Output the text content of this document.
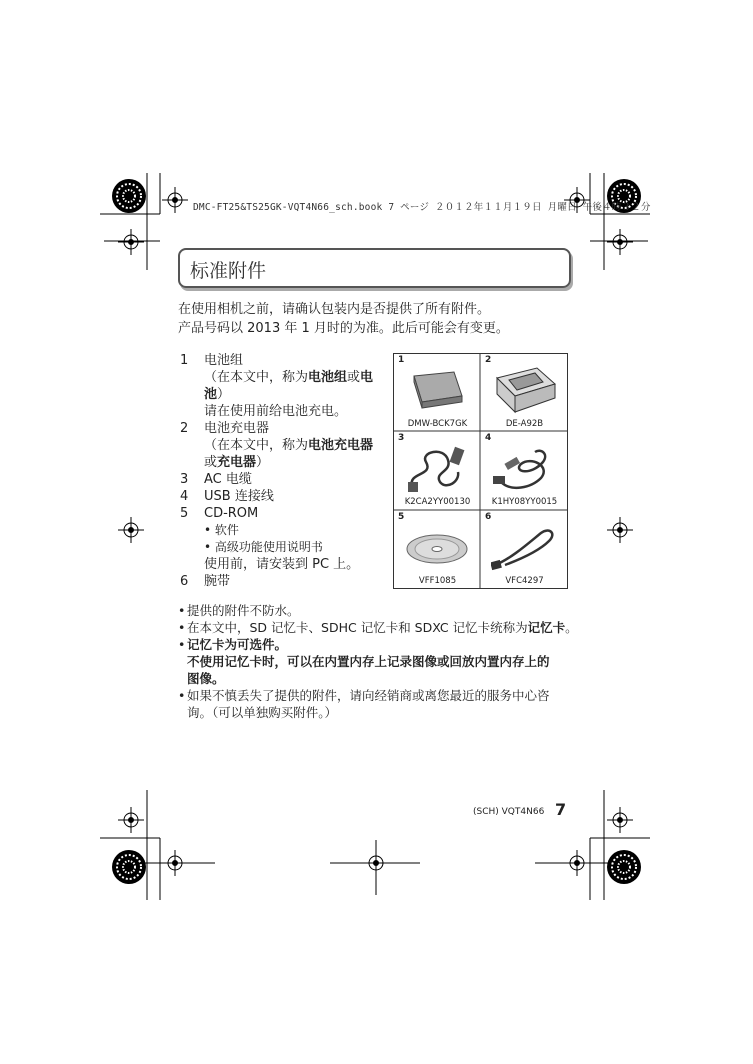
DMC-FT25&TS25GK-VQT4N66_sch.book 7 ページ ２０１２年１１月１９日 月曜日 午後４時３２分
标准附件
在使用相机之前，请确认包装内是否提供了所有附件。
产品号码以 2013 年 1 月时的为准。此后可能会有变更。
1 电池组
（在本文中，称为电池组或电
池）
请在使用前给电池充电。
2 电池充电器
（在本文中，称为电池充电器
或充电器）
3 AC 电缆
4 USB 连接线
5 CD-ROM
• 软件
• 高级功能使用说明书
使用前，请安装到 PC 上。
6 腕带
1
DMW-BCK7GK
2
DE-A92B
3
K2CA2YY00130
4
K1HY08YY0015
5
VFF1085
6
VFC4297
• 提供的附件不防水。
• 在本文中，SD 记忆卡、SDHC 记忆卡和 SDXC 记忆卡统称为记忆卡。
• 记忆卡为可选件。
不使用记忆卡时，可以在内置内存上记录图像或回放内置内存上的
图像。
• 如果不慎丢失了提供的附件，请向经销商或离您最近的服务中心咨
询。（可以单独购买附件。）
(SCH) VQT4N66 7
